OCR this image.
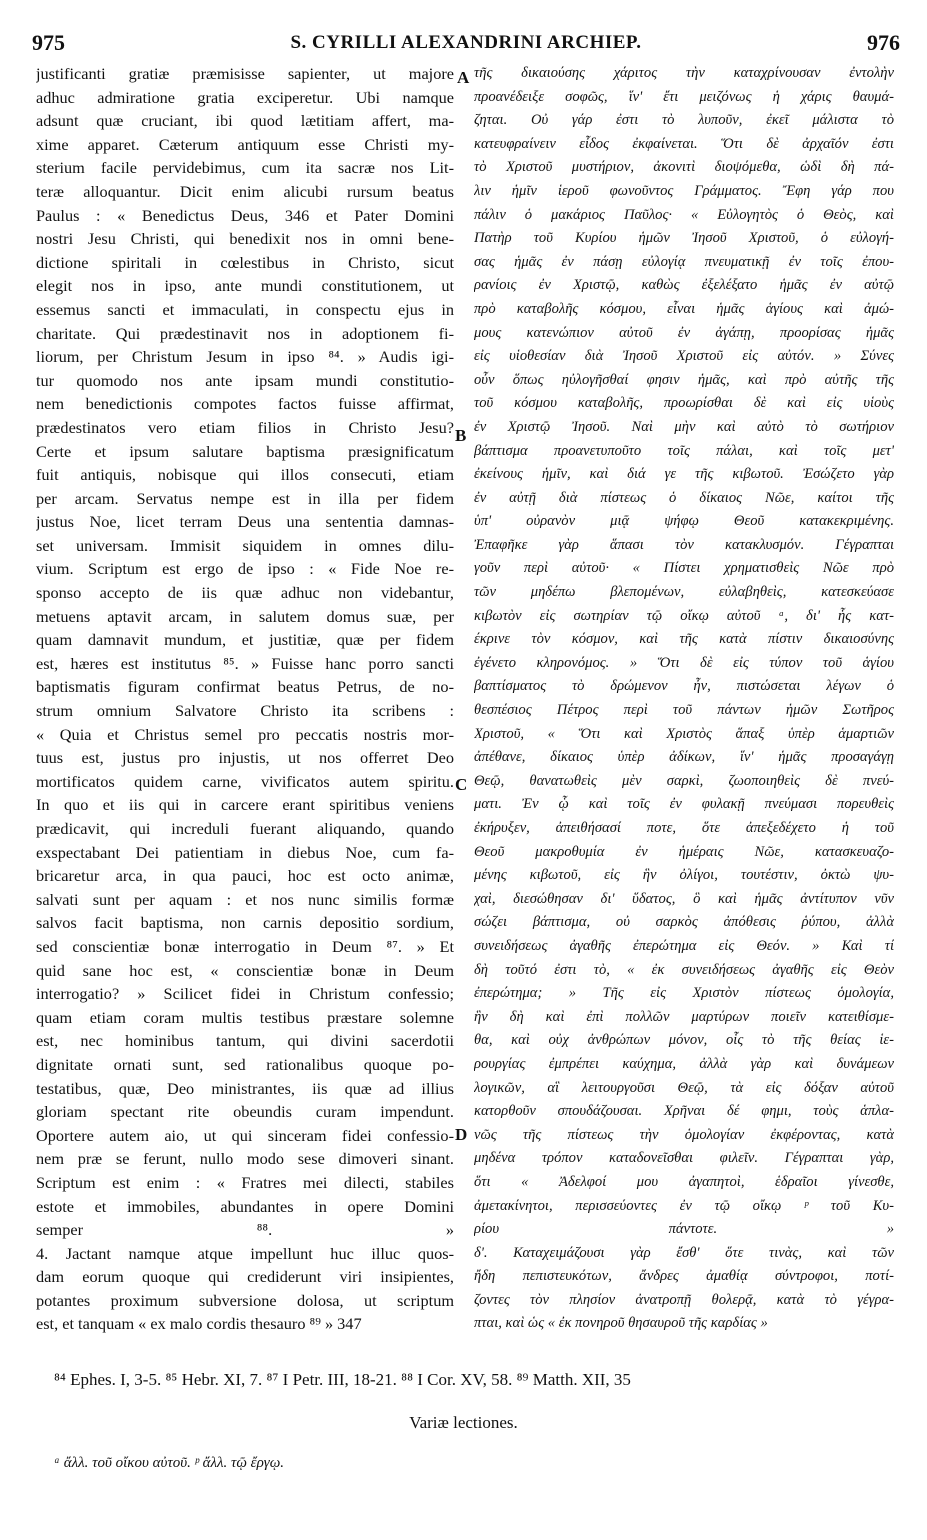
975	S. CYRILLI ALEXANDRINI ARCHIEP.	976
justificanti gratiæ præmisisse sapienter, ut majore
adhuc admiratione gratia exciperetur. Ubi namque
adsunt quæ cruciant, ibi quod lætitiam affert, ma-
xime apparet. Cæterum antiquum esse Christi my-
sterium facile pervidebimus, cum ita sacræ nos Lit-
teræ alloquantur. Dicit enim alicubi rursum beatus
Paulus : « Benedictus Deus, 346 et Pater Domini
nostri Jesu Christi, qui benedixit nos in omni bene-
dictione spiritali in cœlestibus in Christo, sicut
elegit nos in ipso, ante mundi constitutionem, ut
essemus sancti et immaculati, in conspectu ejus in
charitate. Qui prædestinavit nos in adoptionem fi-
liorum, per Christum Jesum in ipso ⁸⁴. » Audis igi-
tur quomodo nos ante ipsam mundi constitutio-
nem benedictionis compotes factos fuisse affirmat,
prædestinatos vero etiam filios in Christo Jesu?
Certe et ipsum salutare baptisma præsignificatum
fuit antiquis, nobisque qui illos consecuti, etiam
per arcam. Servatus nempe est in illa per fidem
justus Noe, licet terram Deus una sententia damnas-
set universam. Immisit siquidem in omnes dilu-
vium. Scriptum est ergo de ipso : « Fide Noe re-
sponso accepto de iis quæ adhuc non videbantur,
metuens aptavit arcam, in salutem domus suæ, per
quam damnavit mundum, et justitiæ, quæ per fidem
est, hæres est institutus ⁸⁵. » Fuisse hanc porro sancti
baptismatis figuram confirmat beatus Petrus, de no-
strum omnium Salvatore Christo ita scribens :
« Quia et Christus semel pro peccatis nostris mor-
tuus est, justus pro injustis, ut nos offerret Deo
mortificatos quidem carne, vivificatos autem spiritu.
In quo et iis qui in carcere erant spiritibus veniens
prædicavit, qui increduli fuerant aliquando, quando
exspectabant Dei patientiam in diebus Noe, cum fa-
bricaretur arca, in qua pauci, hoc est octo animæ,
salvati sunt per aquam : et nos nunc similis formæ
salvos facit baptisma, non carnis depositio sordium,
sed conscientiæ bonæ interrogatio in Deum ⁸⁷. » Et
quid sane hoc est, « conscientiæ bonæ in Deum
interrogatio? » Scilicet fidei in Christum confessio;
quam etiam coram multis testibus præstare solemne
est, nec hominibus tantum, qui divini sacerdotii
dignitate ornati sunt, sed rationalibus quoque po-
testatibus, quæ, Deo ministrantes, iis quæ ad illius
gloriam spectant rite obeundis curam impendunt.
Oportere autem aio, ut qui sinceram fidei confessio-
nem præ se ferunt, nullo modo sese dimoveri sinant.
Scriptum est enim : « Fratres mei dilecti, stabiles
estote et immobiles, abundantes in opere Domini
semper ⁸⁸. »
4. Jactant namque atque impellunt huc illuc quos-
dam eorum quoque qui crediderunt viri insipientes,
potantes proximum subversione dolosa, ut scriptum
est, et tanquam « ex malo cordis thesauro ⁸⁹ » 347
A
B
C
D
τῆς δικαιούσης χάριτος τὴν καταχρίνουσαν ἐντολὴν
προανέδειξε σοφῶς, ἵν' ἔτι μειζόνως ἡ χάρις θαυμά-
ζηται. Οὐ γάρ ἐστι τὸ λυποῦν, ἐκεῖ μάλιστα τὸ
κατευφραίνειν εἶδος ἐκφαίνεται. Ὅτι δὲ ἀρχαῖόν ἐστι
τὸ Χριστοῦ μυστήριον, ἀκονιτὶ διοψόμεθα, ὡδὶ δὴ πά-
λιν ἡμῖν ἱεροῦ φωνοῦντος Γράμματος. Ἔφη γάρ που
πάλιν ὁ μακάριος Παῦλος· « Εὐλογητὸς ὁ Θεὸς, καὶ
Πατὴρ τοῦ Κυρίου ἡμῶν Ἰησοῦ Χριστοῦ, ὁ εὐλογή-
σας ἡμᾶς ἐν πάσῃ εὐλογίᾳ πνευματικῇ ἐν τοῖς ἐπου-
ρανίοις ἐν Χριστῷ, καθὼς ἐξελέξατο ἡμᾶς ἐν αὐτῷ
πρὸ καταβολῆς κόσμου, εἶναι ἡμᾶς ἁγίους καὶ ἀμώ-
μους κατενώπιον αὐτοῦ ἐν ἀγάπῃ, προορίσας ἡμᾶς
εἰς υἱοθεσίαν διὰ Ἰησοῦ Χριστοῦ εἰς αὐτόν. » Σύνες
οὖν ὅπως ηὐλογῆσθαί φησιν ἡμᾶς, καὶ πρὸ αὐτῆς τῆς
τοῦ κόσμου καταβολῆς, προωρίσθαι δὲ καὶ εἰς υἱοὺς
ἐν Χριστῷ Ἰησοῦ. Ναὶ μὴν καὶ αὐτὸ τὸ σωτήριον
βάπτισμα προανετυποῦτο τοῖς πάλαι, καὶ τοῖς μετ'
ἐκείνους ἡμῖν, καὶ διά γε τῆς κιβωτοῦ. Ἐσώζετο γὰρ
ἐν αὐτῇ διὰ πίστεως ὁ δίκαιος Νῶε, καίτοι τῆς
ὑπ' οὐρανὸν μιᾷ ψήφῳ Θεοῦ κατακεκριμένης.
Ἐπαφῆκε γὰρ ἅπασι τὸν κατακλυσμόν. Γέγραπται
γοῦν περὶ αὐτοῦ· « Πίστει χρηματισθεὶς Νῶε πρὸ
τῶν μηδέπω βλεπομένων, εὐλαβηθεὶς, κατεσκεύασε
κιβωτὸν εἰς σωτηρίαν τῷ οἴκῳ αὐτοῦ ᵃ, δι' ἧς κατ-
έκρινε τὸν κόσμον, καὶ τῆς κατὰ πίστιν δικαιοσύνης
ἐγένετο κληρονόμος. » Ὅτι δὲ εἰς τύπον τοῦ ἁγίου
βαπτίσματος τὸ δρώμενον ἦν, πιστώσεται λέγων ὁ
θεσπέσιος Πέτρος περὶ τοῦ πάντων ἡμῶν Σωτῆρος
Χριστοῦ, « Ὅτι καὶ Χριστὸς ἅπαξ ὑπὲρ ἁμαρτιῶν
ἀπέθανε, δίκαιος ὑπὲρ ἀδίκων, ἵν' ἡμᾶς προσαγάγῃ
Θεῷ, θανατωθεὶς μὲν σαρκὶ, ζωοποιηθεὶς δὲ πνεύ-
ματι. Ἐν ᾧ καὶ τοῖς ἐν φυλακῇ πνεύμασι πορευθεὶς
ἐκήρυξεν, ἀπειθήσασί ποτε, ὅτε ἀπεξεδέχετο ἡ τοῦ
Θεοῦ μακροθυμία ἐν ἡμέραις Νῶε, κατασκευαζο-
μένης κιβωτοῦ, εἰς ἣν ὀλίγοι, τουτέστιν, ὀκτὼ ψυ-
χαὶ, διεσώθησαν δι' ὕδατος, ὃ καὶ ἡμᾶς ἀντίτυπον νῦν
σώζει βάπτισμα, οὐ σαρκὸς ἀπόθεσις ῥύπου, ἀλλὰ
συνειδήσεως ἀγαθῆς ἐπερώτημα εἰς Θεόν. » Καὶ τί
δὴ τοῦτό ἐστι τὸ, « ἐκ συνειδήσεως ἀγαθῆς εἰς Θεὸν
ἐπερώτημα; » Τῆς εἰς Χριστὸν πίστεως ὁμολογία,
ἣν δὴ καὶ ἐπὶ πολλῶν μαρτύρων ποιεῖν κατειθίσμε-
θα, καὶ οὐχ ἀνθρώπων μόνον, οἷς τὸ τῆς θείας ἱε-
ρουργίας ἐμπρέπει καύχημα, ἀλλὰ γὰρ καὶ δυνάμεων
λογικῶν, αἳ λειτουργοῦσι Θεῷ, τὰ εἰς δόξαν αὐτοῦ
κατορθοῦν σπουδάζουσαι. Χρῆναι δέ φημι, τοὺς ἁπλα-
νῶς τῆς πίστεως τὴν ὁμολογίαν ἐκφέροντας, κατὰ
μηδένα τρόπον καταδονεῖσθαι φιλεῖν. Γέγραπται γὰρ,
ὅτι « Ἀδελφοί μου ἀγαπητοὶ, ἑδραῖοι γίνεσθε,
ἀμετακίνητοι, περισσεύοντες ἐν τῷ οἴκῳ ᵖ τοῦ Κυ-
ρίου πάντοτε. »
δ'. Καταχειμάζουσι γὰρ ἔσθ' ὅτε τινὰς, καὶ τῶν
ἤδη πεπιστευκότων, ἄνδρες ἀμαθίᾳ σύντροφοι, ποτί-
ζοντες τὸν πλησίον ἀνατροπῇ θολερᾷ, κατὰ τὸ γέγρα-
πται, καὶ ὡς « ἐκ πονηροῦ θησαυροῦ τῆς καρδίας »
⁸⁴ Ephes. I, 3-5. ⁸⁵ Hebr. XI, 7. ⁸⁷ I Petr. III, 18-21. ⁸⁸ I Cor. XV, 58. ⁸⁹ Matth. XII, 35
Variæ lectiones.
ᵃ ἄλλ. τοῦ οἴκου αὐτοῦ. ᵖ ἄλλ. τῷ ἔργῳ.
